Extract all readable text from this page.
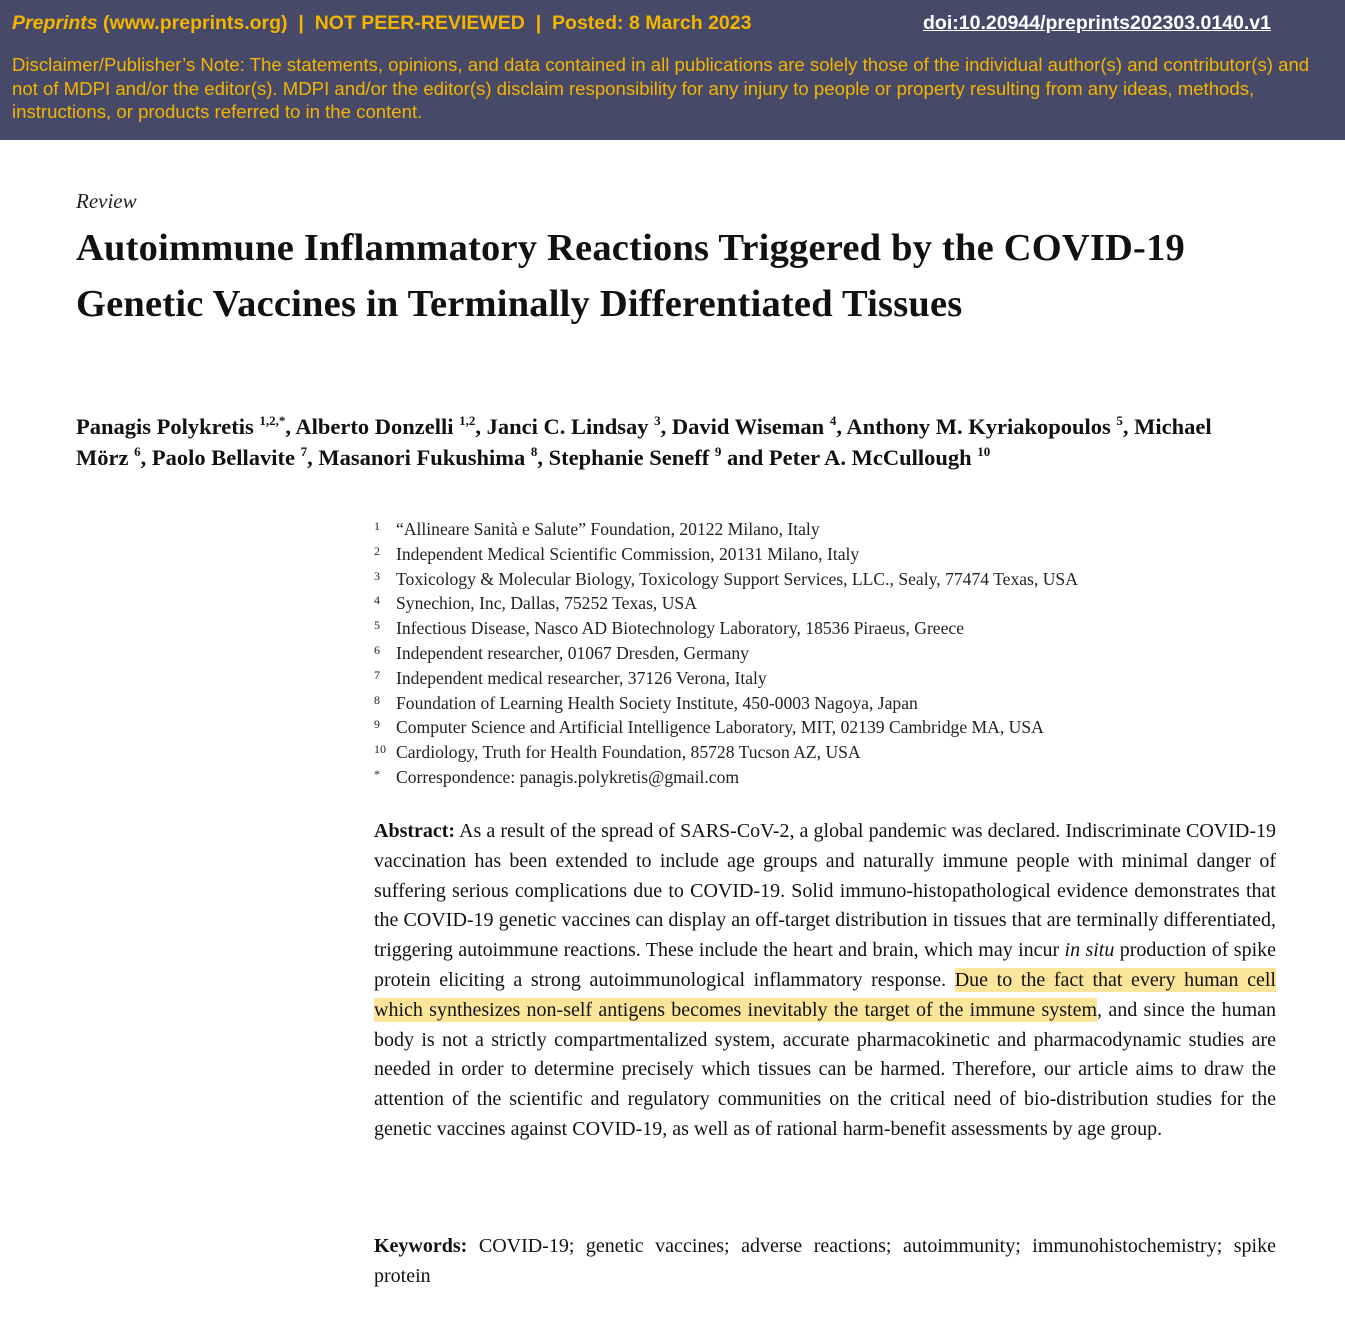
Preprints (www.preprints.org)  |  NOT PEER-REVIEWED  |  Posted: 8 March 2023	doi:10.20944/preprints202303.0140.v1
Disclaimer/Publisher’s Note: The statements, opinions, and data contained in all publications are solely those of the individual author(s) and contributor(s) and not of MDPI and/or the editor(s). MDPI and/or the editor(s) disclaim responsibility for any injury to people or property resulting from any ideas, methods, instructions, or products referred to in the content.
Review
Autoimmune Inflammatory Reactions Triggered by the COVID-19 Genetic Vaccines in Terminally Differentiated Tissues
Panagis Polykretis $^{1,2,*}$, Alberto Donzelli $^{1,2}$, Janci C. Lindsay $^3$, David Wiseman $^4$, Anthony M. Kyriakopoulos $^5$, Michael Mörz $^6$, Paolo Bellavite $^7$, Masanori Fukushima $^8$, Stephanie Seneff $^9$ and Peter A. McCullough $^{10}$
1 “Allineare Sanità e Salute” Foundation, 20122 Milano, Italy
2 Independent Medical Scientific Commission, 20131 Milano, Italy
3 Toxicology & Molecular Biology, Toxicology Support Services, LLC., Sealy, 77474 Texas, USA
4 Synechion, Inc, Dallas, 75252 Texas, USA
5 Infectious Disease, Nasco AD Biotechnology Laboratory, 18536 Piraeus, Greece
6 Independent researcher, 01067 Dresden, Germany
7 Independent medical researcher, 37126 Verona, Italy
8 Foundation of Learning Health Society Institute, 450-0003 Nagoya, Japan
9 Computer Science and Artificial Intelligence Laboratory, MIT, 02139 Cambridge MA, USA
10 Cardiology, Truth for Health Foundation, 85728 Tucson AZ, USA
* Correspondence: panagis.polykretis@gmail.com

Abstract: As a result of the spread of SARS-CoV-2, a global pandemic was declared. Indiscriminate COVID-19 vaccination has been extended to include age groups and naturally immune people with minimal danger of suffering serious complications due to COVID-19. Solid immuno-histopathological evidence demonstrates that the COVID-19 genetic vaccines can display an off-target distribution in tissues that are terminally differentiated, triggering autoimmune reactions. These include the heart and brain, which may incur in situ production of spike protein eliciting a strong autoimmunological inflammatory response. Due to the fact that every human cell which synthesizes non-self antigens becomes inevitably the target of the immune system, and since the human body is not a strictly compartmentalized system, accurate pharmacokinetic and pharmacodynamic studies are needed in order to determine precisely which tissues can be harmed. Therefore, our article aims to draw the attention of the scientific and regulatory communities on the critical need of bio-distribution studies for the genetic vaccines against COVID-19, as well as of rational harm-benefit assessments by age group.

Keywords: COVID-19; genetic vaccines; adverse reactions; autoimmunity; immunohistochemistry; spike protein
